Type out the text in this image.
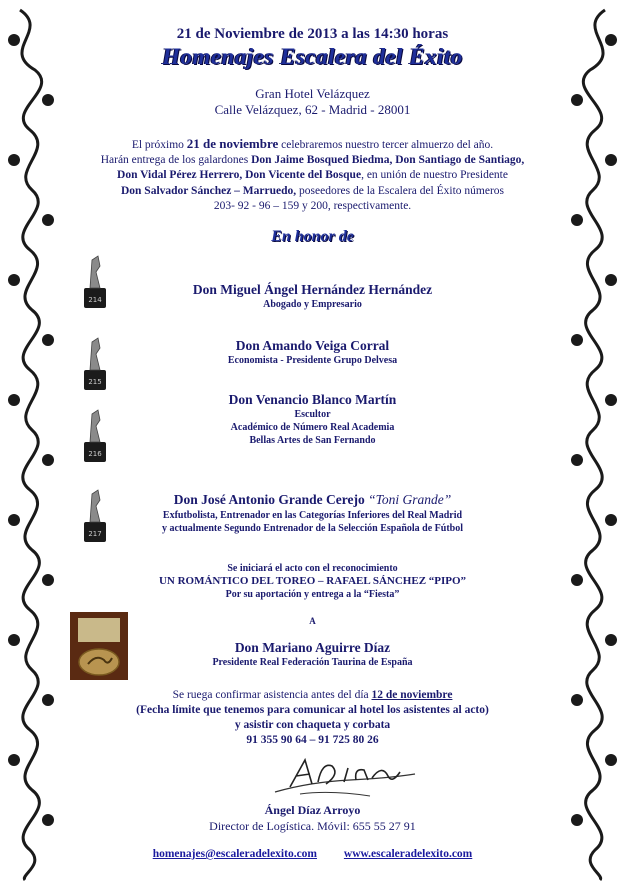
21 de Noviembre de 2013 a las 14:30 horas
Homenajes Escalera del Éxito
Gran Hotel Velázquez
Calle Velázquez, 62 - Madrid - 28001
El próximo 21 de noviembre celebraremos nuestro tercer almuerzo del año.
Harán entrega de los galardones Don Jaime Bosqued Biedma, Don Santiago de Santiago,
Don Vidal Pérez Herrero, Don Vicente del Bosque, en unión de nuestro Presidente
Don Salvador Sánchez – Marruedo, poseedores de la Escalera del Éxito números
203- 92 - 96 – 159 y 200, respectivamente.
En honor de
214
Don Miguel Ángel Hernández Hernández
Abogado y Empresario
215
Don Amando Veiga Corral
Economista - Presidente Grupo Delvesa
216
Don Venancio Blanco Martín
Escultor
Académico de Número Real Academia
Bellas Artes de San Fernando
217
Don José Antonio Grande Cerejo “Toni Grande”
Exfutbolista, Entrenador en las Categorías Inferiores del Real Madrid
y actualmente Segundo Entrenador de la Selección Española de Fútbol
Se iniciará el acto con el reconocimiento
UN ROMÁNTICO DEL TOREO – RAFAEL SÁNCHEZ “PIPO”
Por su aportación y entrega a la “Fiesta”
A
Don Mariano Aguirre Díaz
Presidente Real Federación Taurina de España
Se ruega confirmar asistencia antes del día 12 de noviembre
(Fecha límite que tenemos para comunicar al hotel los asistentes al acto)
y asistir con chaqueta y corbata
91 355 90 64 – 91 725 80 26
Ángel Díaz Arroyo
Director de Logística. Móvil: 655 55 27 91
homenajes@escaleradelexito.com www.escaleradelexito.com
